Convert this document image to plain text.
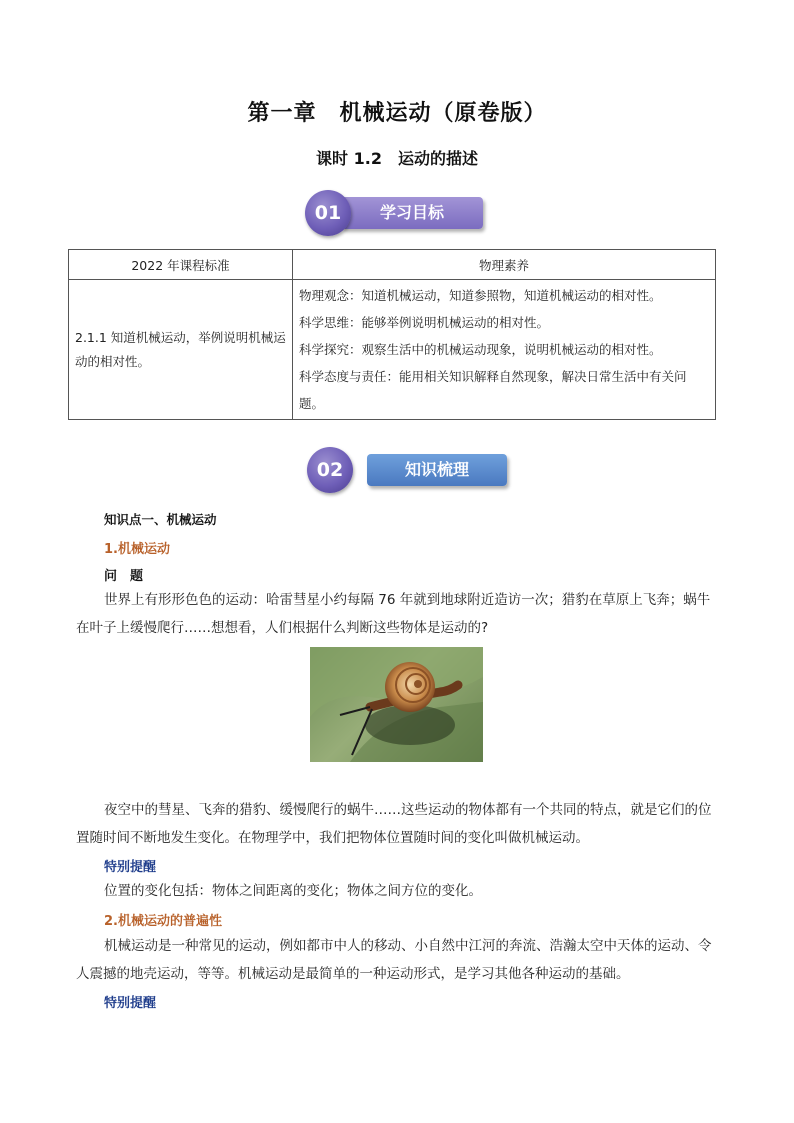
第一章　机械运动（原卷版）
课时 1.2　运动的描述
01	学习目标
2022 年课程标准	物理素养
2.1.1 知道机械运动，举例说明机械运动的相对性。	物理观念：知道机械运动，知道参照物，知道机械运动的相对性。
科学思维：能够举例说明机械运动的相对性。
科学探究：观察生活中的机械运动现象，说明机械运动的相对性。
科学态度与责任：能用相关知识解释自然现象，解决日常生活中有关问题。
02	知识梳理
知识点一、机械运动
1.机械运动
问　题
世界上有形形色色的运动：哈雷彗星小约每隔 76 年就到地球附近造访一次；猎豹在草原上飞奔；蜗牛在叶子上缓慢爬行……想想看，人们根据什么判断这些物体是运动的?
夜空中的彗星、飞奔的猎豹、缓慢爬行的蜗牛……这些运动的物体都有一个共同的特点，就是它们的位置随时间不断地发生变化。在物理学中，我们把物体位置随时间的变化叫做机械运动。
特别提醒
位置的变化包括：物体之间距离的变化；物体之间方位的变化。
2.机械运动的普遍性
机械运动是一种常见的运动，例如都市中人的移动、小自然中江河的奔流、浩瀚太空中天体的运动、令人震撼的地壳运动，等等。机械运动是最简单的一种运动形式，是学习其他各种运动的基础。
特别提醒
